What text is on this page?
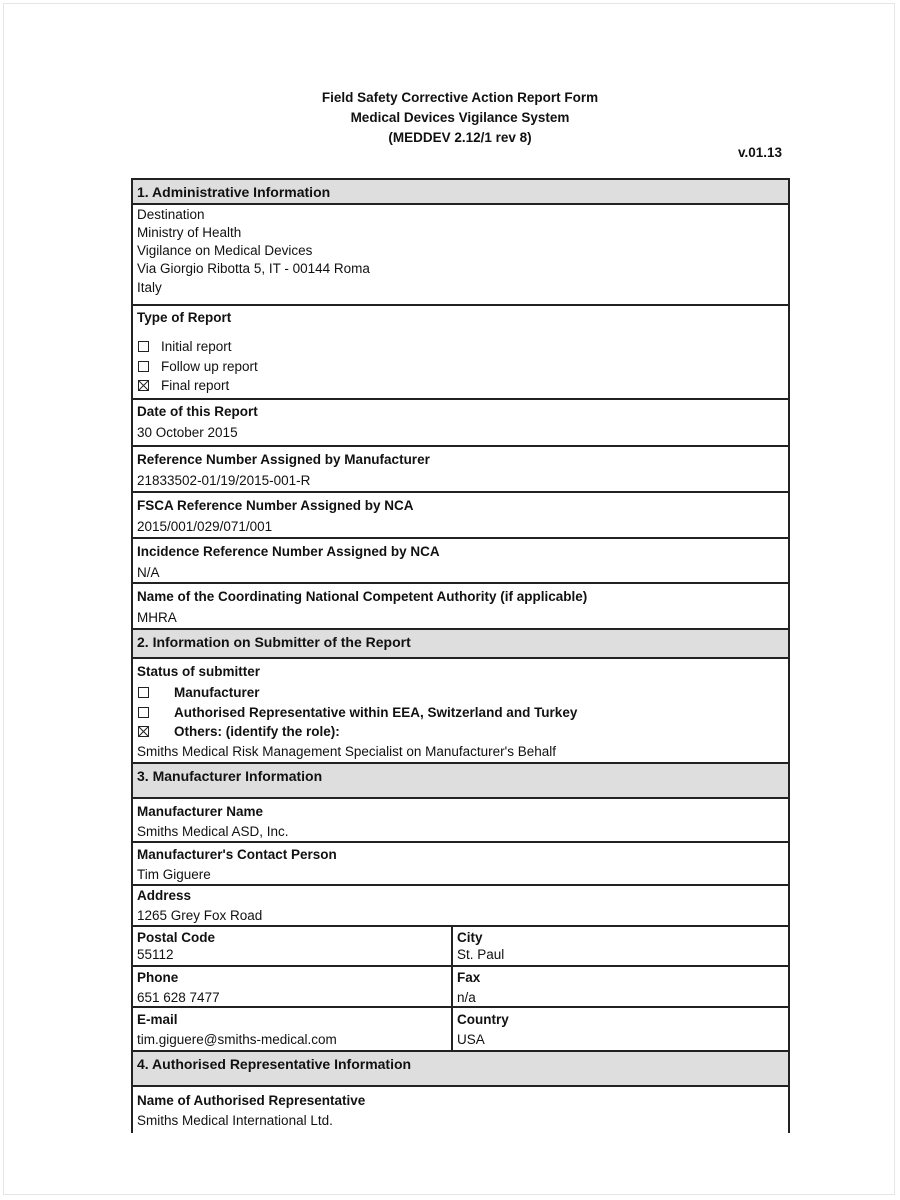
Field Safety Corrective Action Report Form
Medical Devices Vigilance System
(MEDDEV 2.12/1 rev 8)
v.01.13
1. Administrative Information
Destination
Ministry of Health
Vigilance on Medical Devices
Via Giorgio Ribotta 5, IT - 00144 Roma
Italy
Type of Report
Initial report
Follow up report
Final report
Date of this Report
30 October 2015
Reference Number Assigned by Manufacturer
21833502-01/19/2015-001-R
FSCA Reference Number Assigned by NCA
2015/001/029/071/001
Incidence Reference Number Assigned by NCA
N/A
Name of the Coordinating National Competent Authority (if applicable)
MHRA
2. Information on Submitter of the Report
Status of submitter
Manufacturer
Authorised Representative within EEA, Switzerland and Turkey
Others: (identify the role):
Smiths Medical Risk Management Specialist on Manufacturer's Behalf
3. Manufacturer Information
Manufacturer Name
Smiths Medical ASD, Inc.
Manufacturer's Contact Person
Tim Giguere
Address
1265 Grey Fox Road
Postal Code
55112
City
St. Paul
Phone
651 628 7477
Fax
n/a
E-mail
tim.giguere@smiths-medical.com
Country
USA
4. Authorised Representative Information
Name of Authorised Representative
Smiths Medical International Ltd.
